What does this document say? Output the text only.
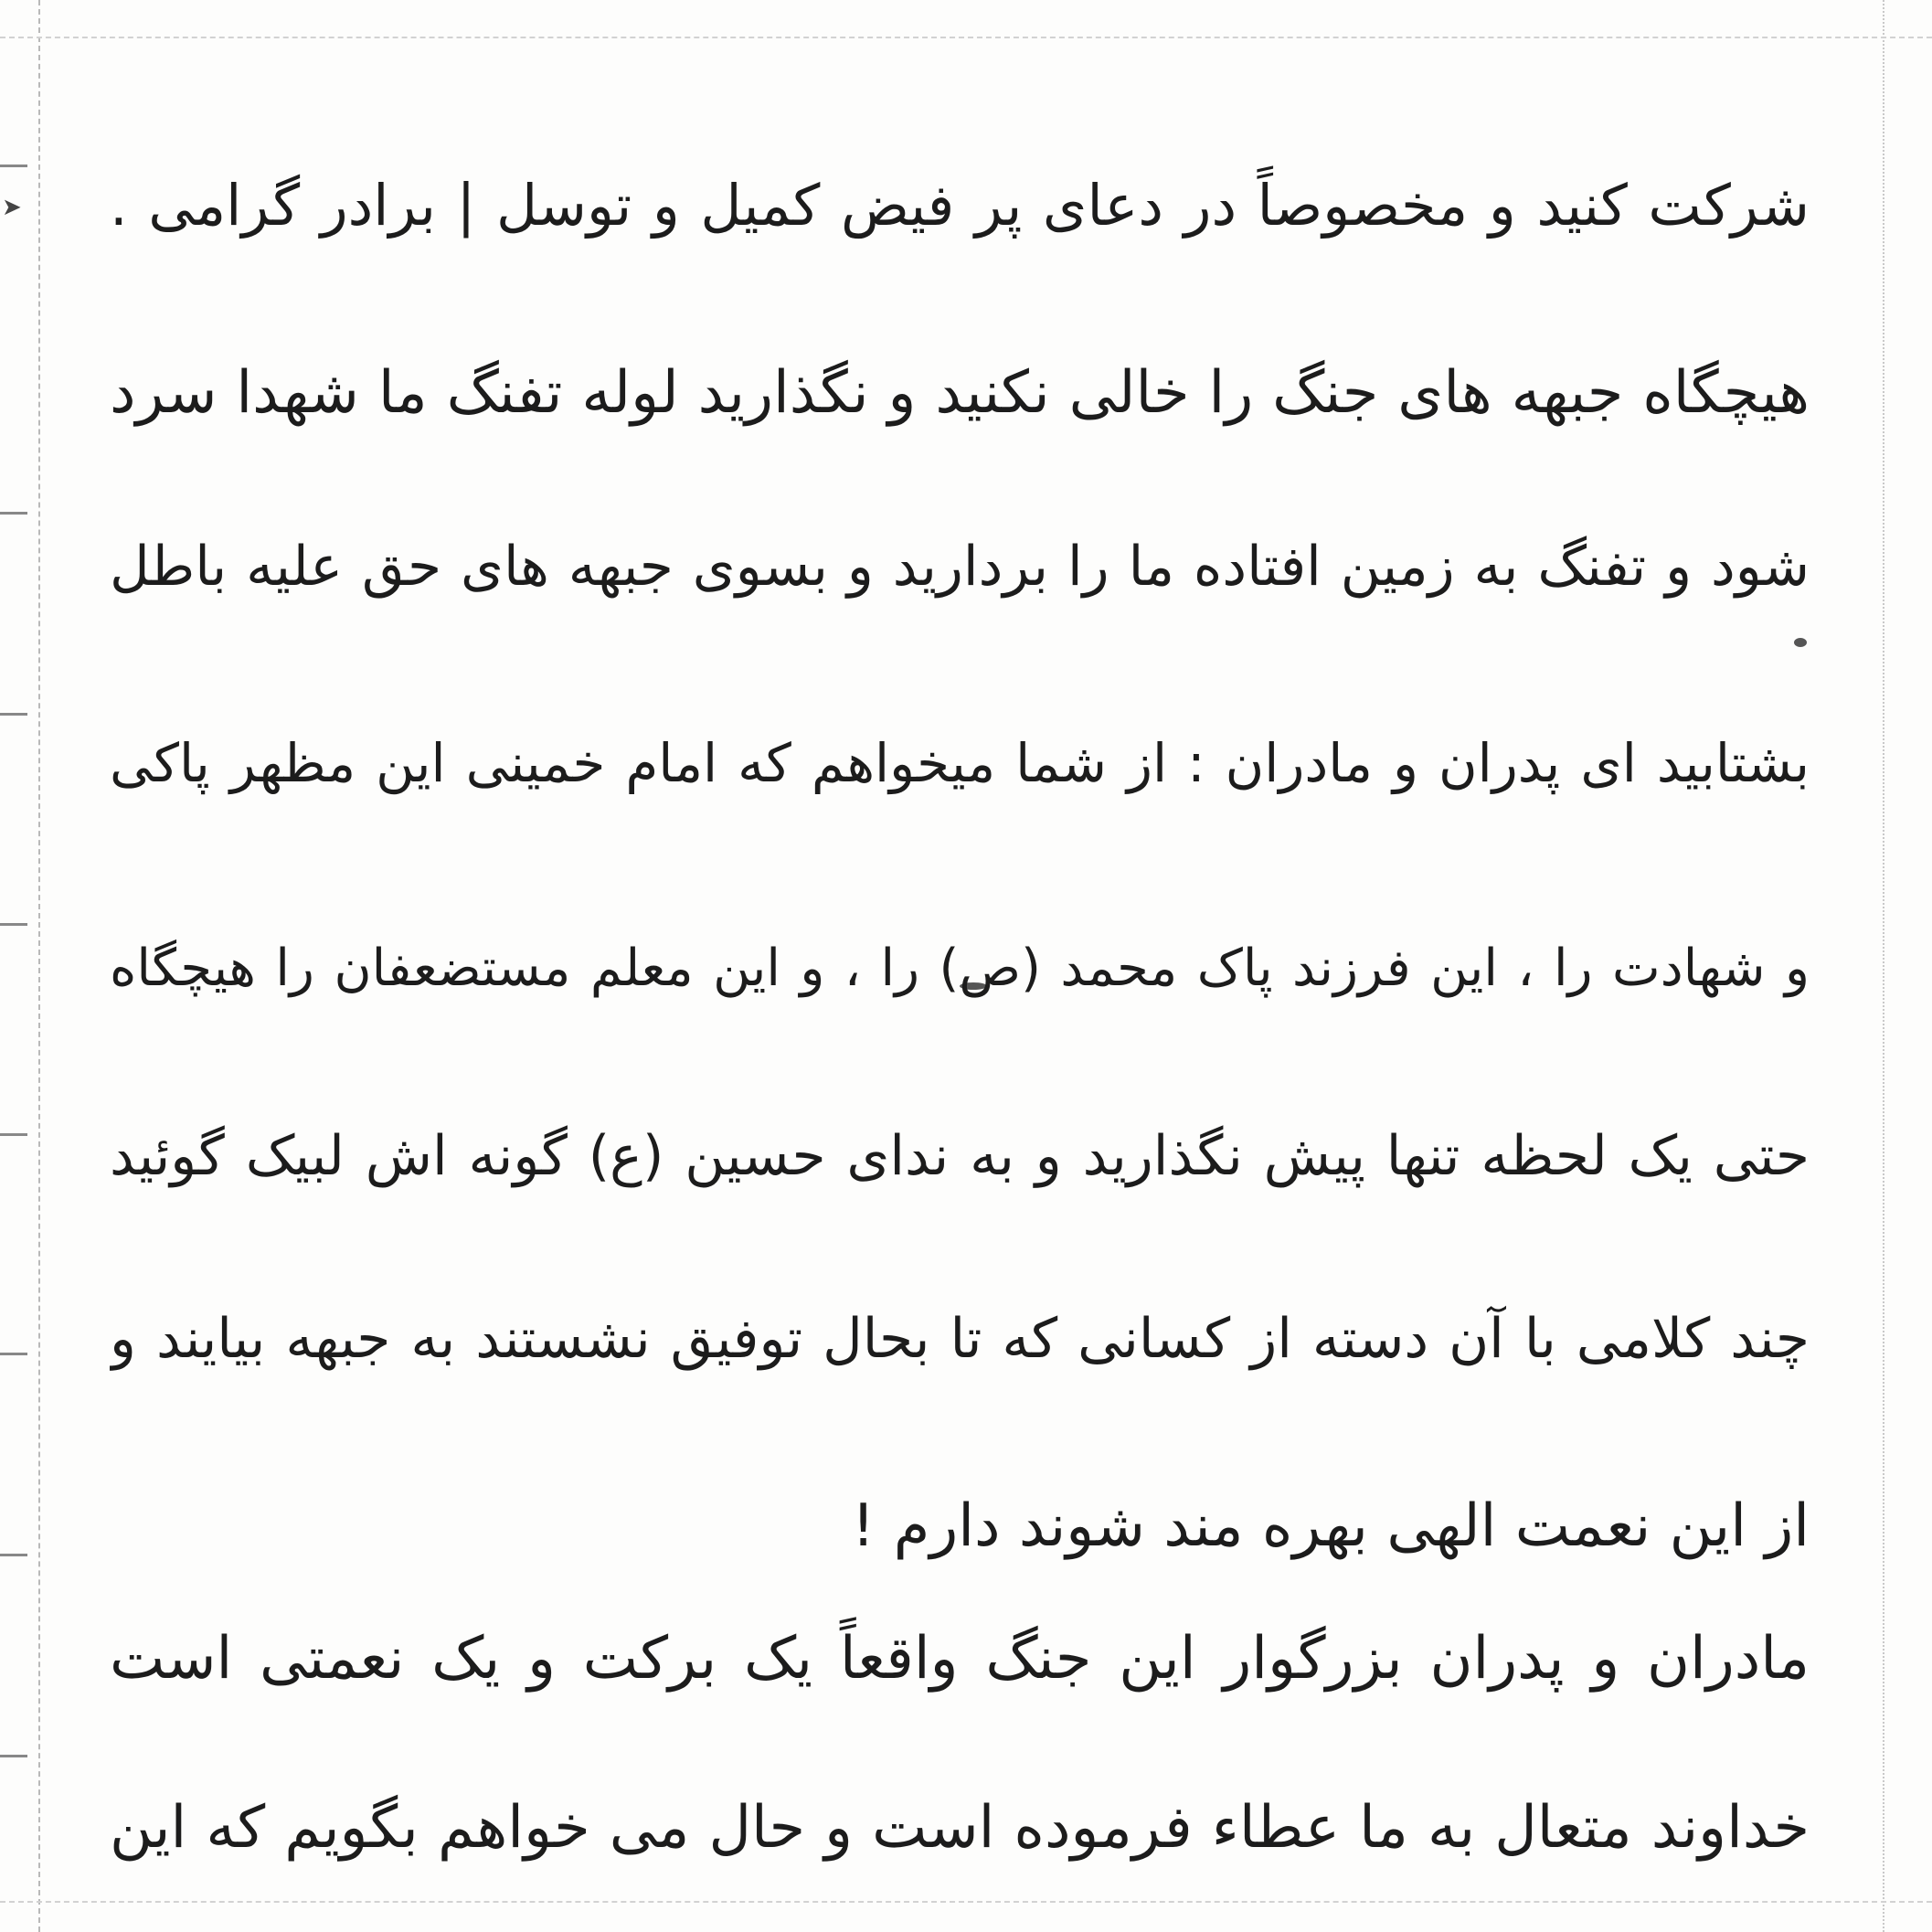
➤ شرکت کنید و مخصوصاً در دعای پر فیض کمیل و توسل | برادر گرامی .
هیچگاه جبهه های جنگ را خالی نکنید و نگذارید لوله تفنگ ما شهدا سرد
شود و تفنگ به زمین افتاده ما را بردارید و بسوی جبهه های حق علیه باطل
بشتابید ای پدران و مادران : از شما میخواهم که امام خمینی این مظهر پاکی
و شهادت را ، این فرزند پاک محمد (ص) را ، و این معلم مستضعفان را هیچگاه
حتی یک لحظه تنها پیش نگذارید و به ندای حسین (ع) گونه اش لبیک گوئید
چند کلامی با آن دسته از کسانی که تا بحال توفیق نشستند به جبهه بیایند و
از این نعمت الهی بهره مند شوند دارم !
مادران و پدران بزرگوار این جنگ واقعاً یک برکت و یک نعمتی است
خداوند متعال به ما عطاء فرموده است و حال می خواهم بگویم که این
